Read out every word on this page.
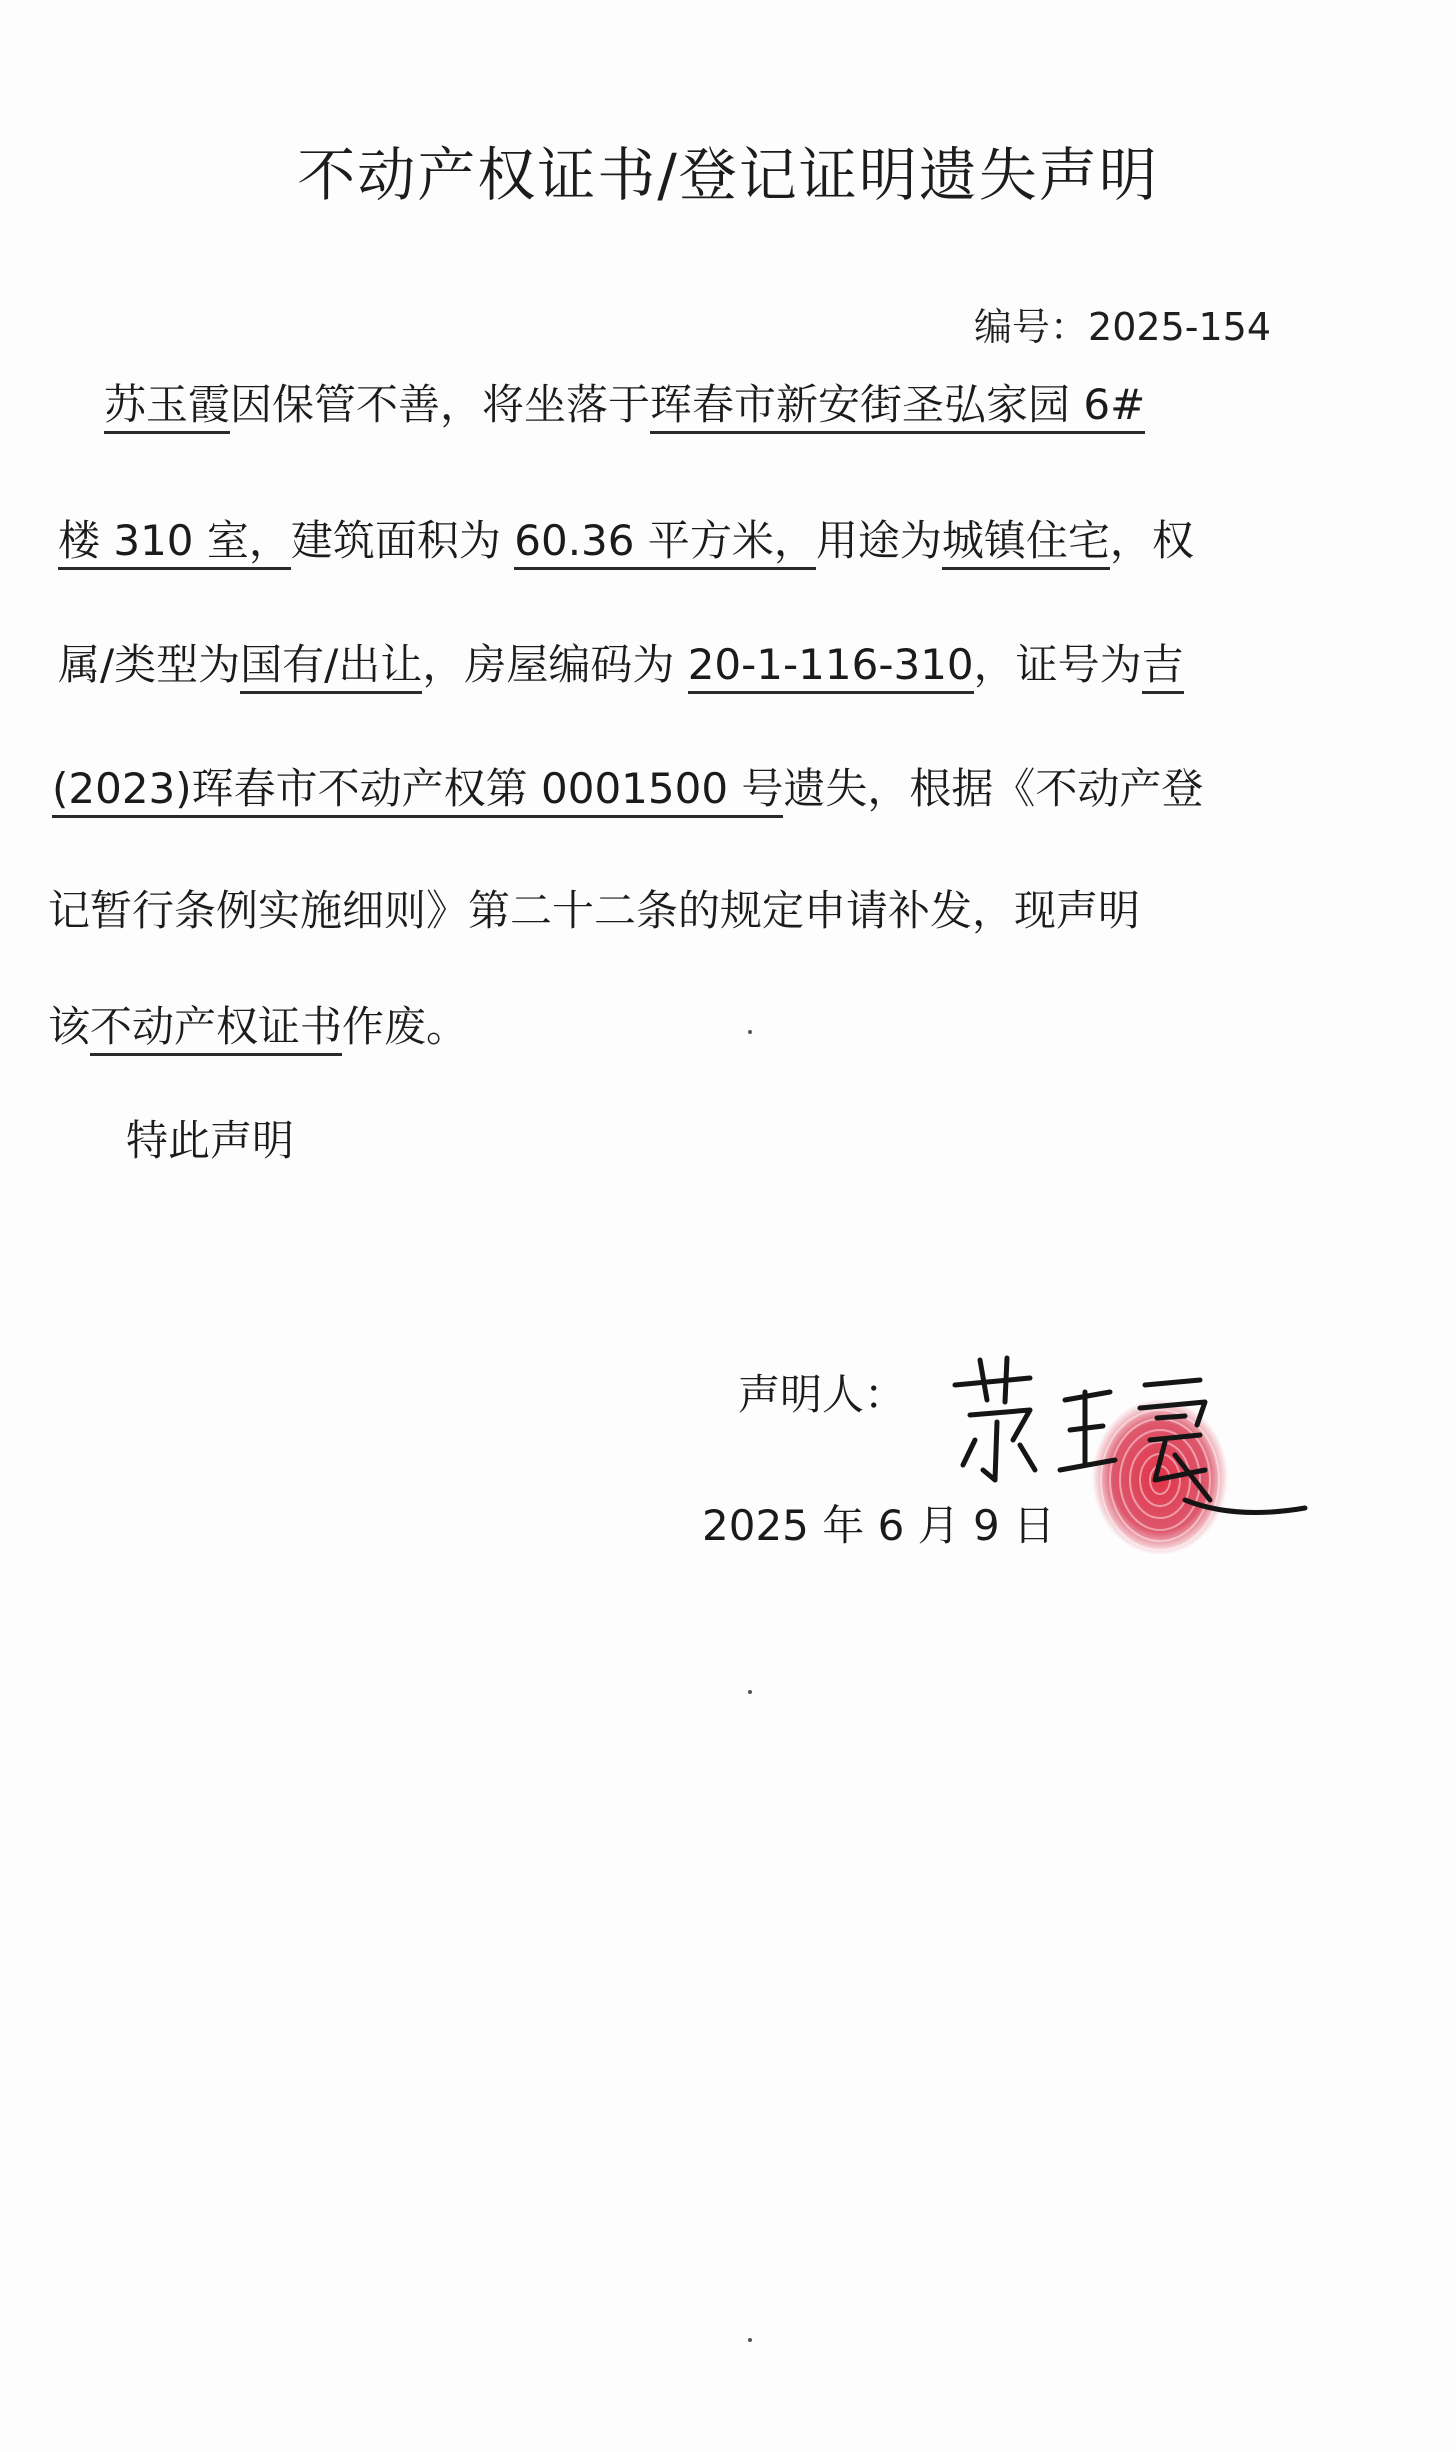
不动产权证书/登记证明遗失声明
编号：2025-154
苏玉霞因保管不善，将坐落于珲春市新安街圣弘家园 6#
楼 310 室，建筑面积为 60.36 平方米，用途为城镇住宅，权
属/类型为国有/出让，房屋编码为 20-1-116-310，证号为吉
(2023)珲春市不动产权第 0001500 号遗失，根据《不动产登
记暂行条例实施细则》第二十二条的规定申请补发，现声明
该不动产权证书作废。
特此声明
声明人：
2025 年 6 月 9 日
